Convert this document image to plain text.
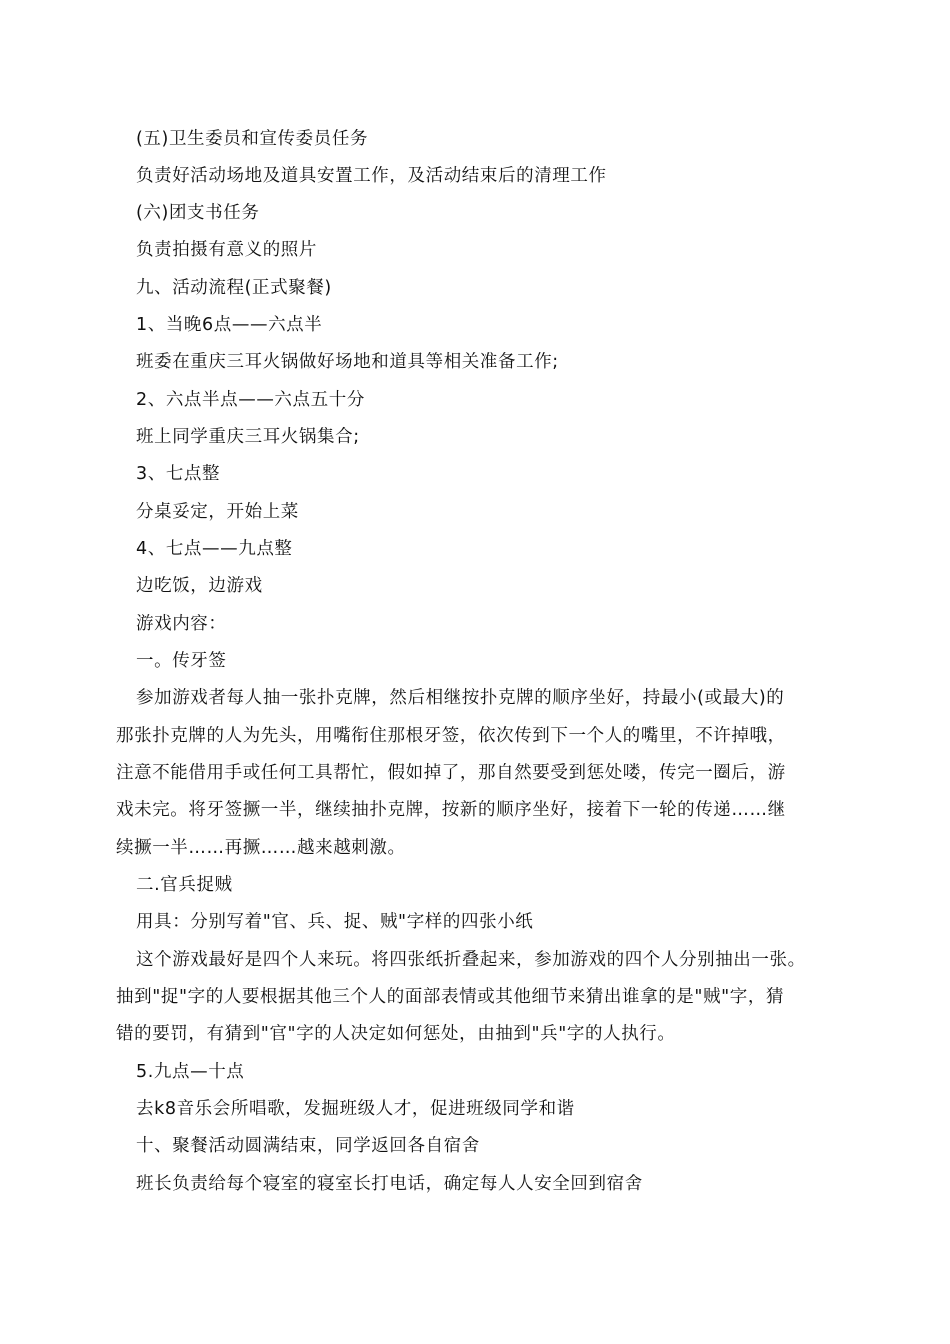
(五)卫生委员和宣传委员任务
负责好活动场地及道具安置工作，及活动结束后的清理工作
(六)团支书任务
负责拍摄有意义的照片
九、活动流程(正式聚餐)
1、当晚6点——六点半
班委在重庆三耳火锅做好场地和道具等相关准备工作;
2、六点半点——六点五十分
班上同学重庆三耳火锅集合;
3、七点整
分桌妥定，开始上菜
4、七点——九点整
边吃饭，边游戏
游戏内容：
一。传牙签
参加游戏者每人抽一张扑克牌，然后相继按扑克牌的顺序坐好，持最小(或最大)的
那张扑克牌的人为先头，用嘴衔住那根牙签，依次传到下一个人的嘴里，不许掉哦，
注意不能借用手或任何工具帮忙，假如掉了，那自然要受到惩处喽，传完一圈后，游
戏未完。将牙签撅一半，继续抽扑克牌，按新的顺序坐好，接着下一轮的传递……继
续撅一半……再撅……越来越刺激。
二.官兵捉贼
用具：分别写着"官、兵、捉、贼"字样的四张小纸
这个游戏最好是四个人来玩。将四张纸折叠起来，参加游戏的四个人分别抽出一张。
抽到"捉"字的人要根据其他三个人的面部表情或其他细节来猜出谁拿的是"贼"字，猜
错的要罚，有猜到"官"字的人决定如何惩处，由抽到"兵"字的人执行。
5.九点—十点
去k8音乐会所唱歌，发掘班级人才，促进班级同学和谐
十、聚餐活动圆满结束，同学返回各自宿舍
班长负责给每个寝室的寝室长打电话，确定每人人安全回到宿舍
